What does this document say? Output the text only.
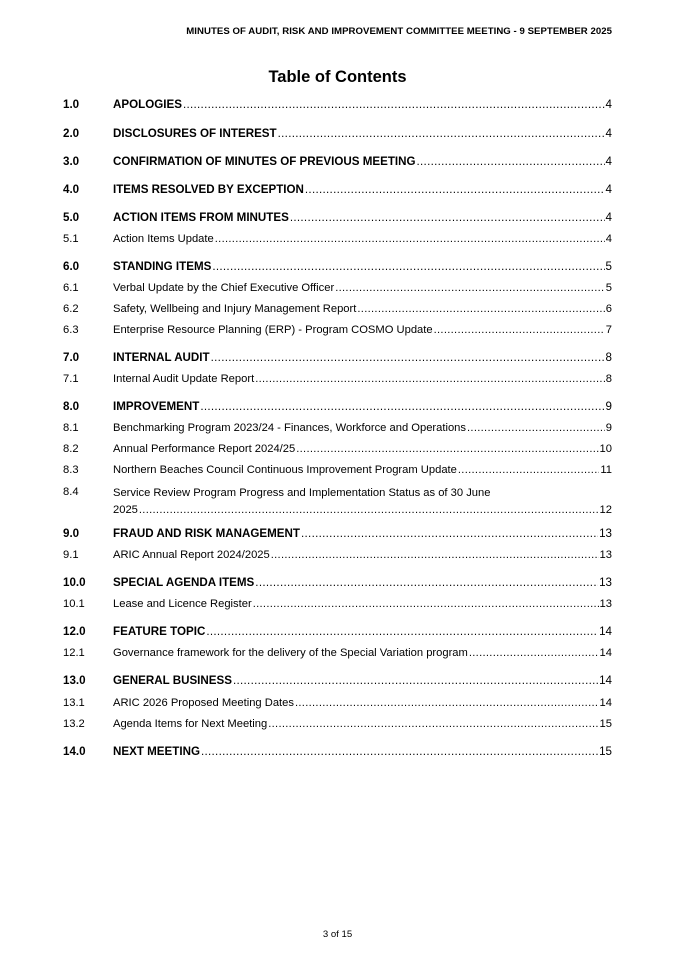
MINUTES OF AUDIT, RISK AND IMPROVEMENT COMMITTEE MEETING - 9 SEPTEMBER 2025
Table of Contents
1.0	APOLOGIES .....	4
2.0	DISCLOSURES OF INTEREST .....	4
3.0	CONFIRMATION OF MINUTES OF PREVIOUS MEETING .....	4
4.0	ITEMS RESOLVED BY EXCEPTION .....	4
5.0	ACTION ITEMS FROM MINUTES .....	4
5.1	Action Items Update .....	4
6.0	STANDING ITEMS .....	5
6.1	Verbal Update by the Chief Executive Officer .....	5
6.2	Safety, Wellbeing and Injury Management Report .....	6
6.3	Enterprise Resource Planning (ERP) - Program COSMO Update .....	7
7.0	INTERNAL AUDIT .....	8
7.1	Internal Audit Update Report .....	8
8.0	IMPROVEMENT .....	9
8.1	Benchmarking Program 2023/24 - Finances, Workforce and Operations .....	9
8.2	Annual Performance Report 2024/25 .....	10
8.3	Northern Beaches Council Continuous Improvement Program Update .....	11
8.4	Service Review Program Progress and Implementation Status as of 30 June
2025 .....	12
9.0	FRAUD AND RISK MANAGEMENT .....	13
9.1	ARIC Annual Report 2024/2025 .....	13
10.0	SPECIAL AGENDA ITEMS .....	13
10.1	Lease and Licence Register .....	13
12.0	FEATURE TOPIC .....	14
12.1	Governance framework for the delivery of the Special Variation program .....	14
13.0	GENERAL BUSINESS .....	14
13.1	ARIC 2026 Proposed Meeting Dates .....	14
13.2	Agenda Items for Next Meeting .....	15
14.0	NEXT MEETING .....	15
3 of 15
